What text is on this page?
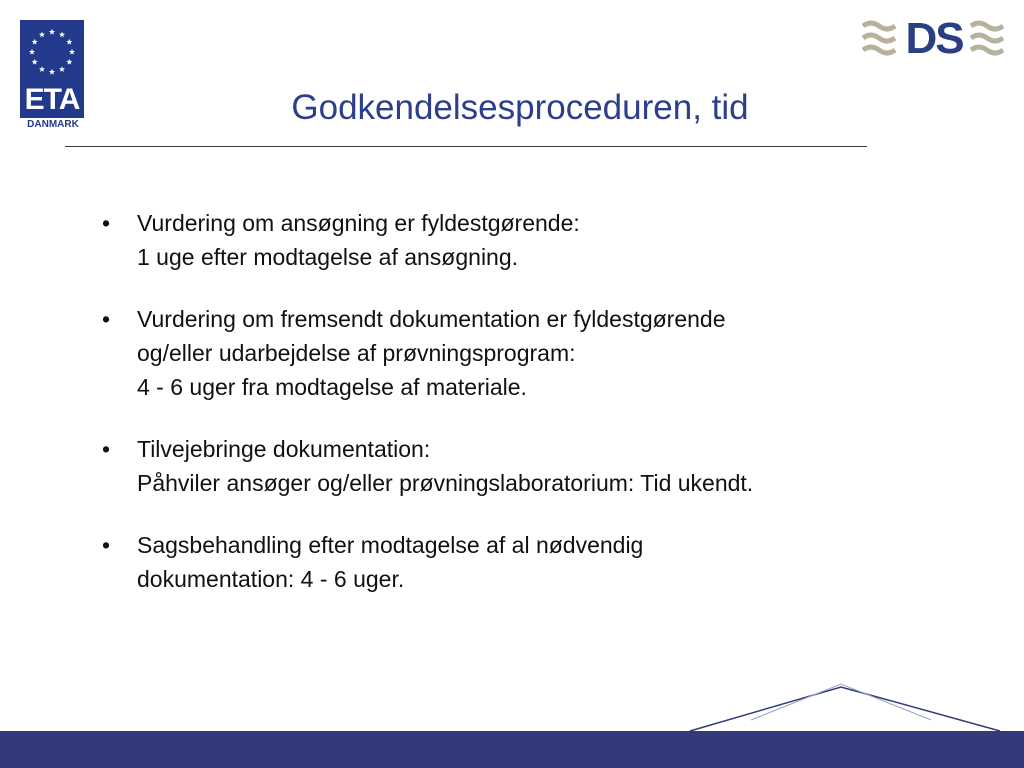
ETA
DANMARK
DS
Godkendelsesproceduren, tid
• Vurdering om ansøgning er fyldestgørende:
1 uge efter modtagelse af ansøgning.
• Vurdering om fremsendt dokumentation er fyldestgørende
og/eller udarbejdelse af prøvningsprogram:
4 - 6 uger fra modtagelse af materiale.
• Tilvejebringe dokumentation:
Påhviler ansøger og/eller prøvningslaboratorium: Tid ukendt.
• Sagsbehandling efter modtagelse af al nødvendig
dokumentation: 4 - 6 uger.
